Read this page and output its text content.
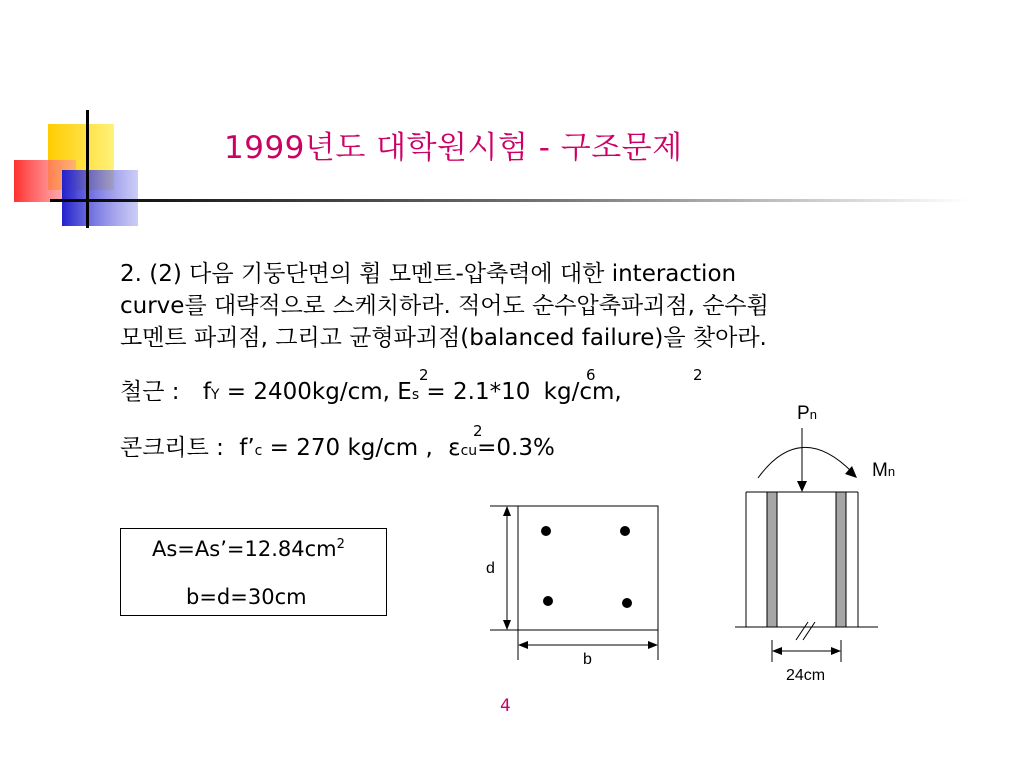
1999년도 대학원시험 - 구조문제
2. (2) 다음 기둥단면의 휨 모멘트-압축력에 대한 interaction
curve를 대략적으로 스케치하라. 적어도 순수압축파괴점, 순수휨
모멘트 파괴점, 그리고 균형파괴점(balanced failure)을 찾아라.
철근 : fY = 2400kg/cm, Es = 2.1*10 kg/cm,
2	6	2
콘크리트 : f’c = 270 kg/cm , εcu=0.3%
2
$As=As’=12.84cm^2$
b=d=30cm
d
b
Pn
Mn
24cm
4
